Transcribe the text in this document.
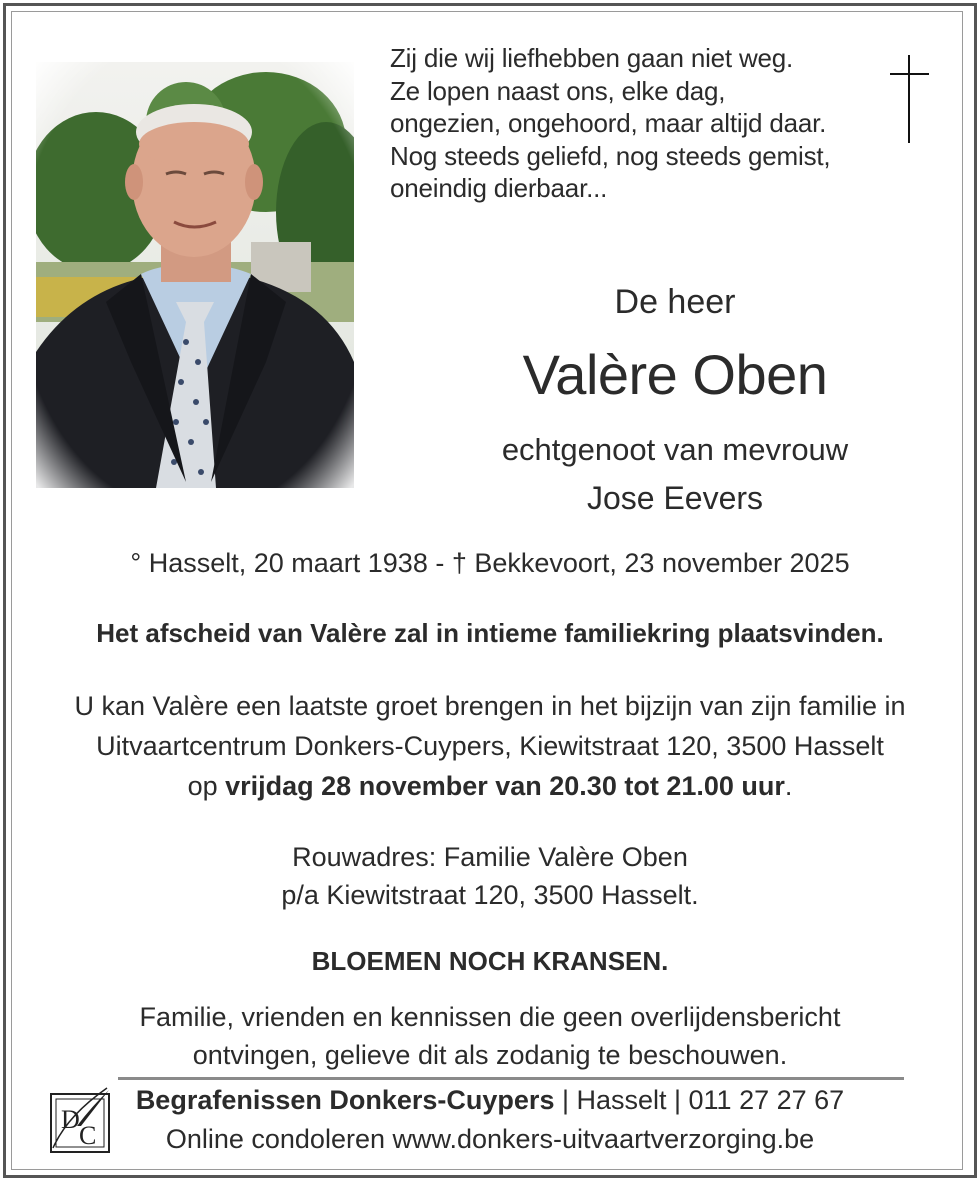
Zij die wij liefhebben gaan niet weg.
Ze lopen naast ons, elke dag,
ongezien, ongehoord, maar altijd daar.
Nog steeds geliefd, nog steeds gemist,
oneindig dierbaar...
De heer
Valère Oben
echtgenoot van mevrouw
Jose Eevers
° Hasselt, 20 maart 1938 - † Bekkevoort, 23 november 2025
Het afscheid van Valère zal in intieme familiekring plaatsvinden.
U kan Valère een laatste groet brengen in het bijzijn van zijn familie in
Uitvaartcentrum Donkers-Cuypers, Kiewitstraat 120, 3500 Hasselt
op vrijdag 28 november van 20.30 tot 21.00 uur.
Rouwadres: Familie Valère Oben
p/a Kiewitstraat 120, 3500 Hasselt.
BLOEMEN NOCH KRANSEN.
Familie, vrienden en kennissen die geen overlijdensbericht
ontvingen, gelieve dit als zodanig te beschouwen.
D
C
Begrafenissen Donkers-Cuypers | Hasselt | 011 27 27 67
Online condoleren www.donkers-uitvaartverzorging.be
